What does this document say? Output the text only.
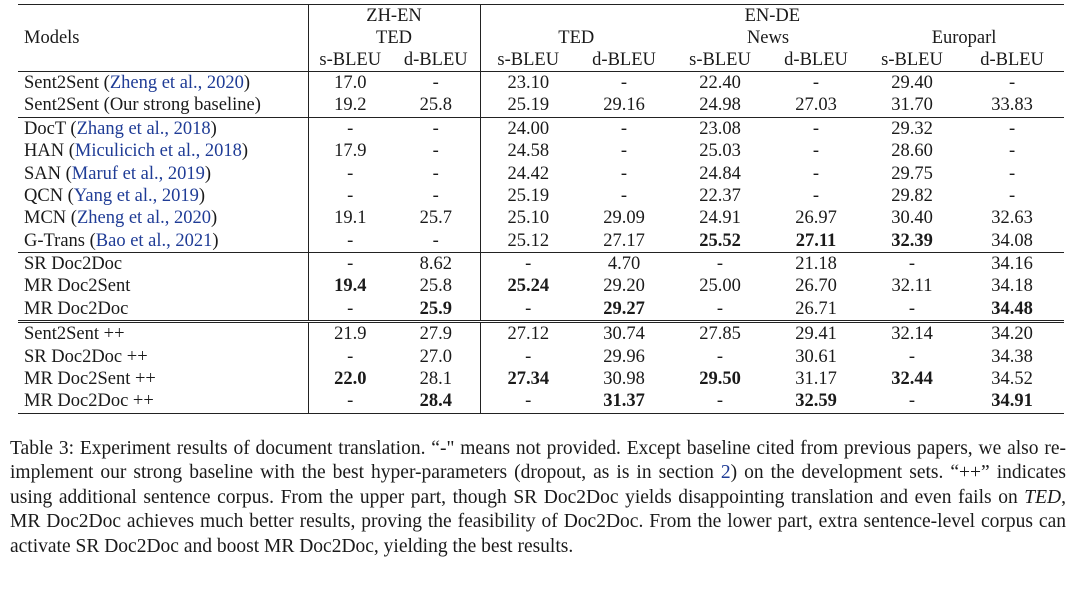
	ZH-EN		EN-DE					
Models	TED		TED		News		Europarl	
	s-BLEU	d-BLEU	s-BLEU	d-BLEU	s-BLEU	d-BLEU	s-BLEU	d-BLEU
Sent2Sent (Zheng et al., 2020)	17.0	-	23.10	-	22.40	-	29.40	-
Sent2Sent (Our strong baseline)	19.2	25.8	25.19	29.16	24.98	27.03	31.70	33.83
DocT (Zhang et al., 2018)	-	-	24.00	-	23.08	-	29.32	-
HAN (Miculicich et al., 2018)	17.9	-	24.58	-	25.03	-	28.60	-
SAN (Maruf et al., 2019)	-	-	24.42	-	24.84	-	29.75	-
QCN (Yang et al., 2019)	-	-	25.19	-	22.37	-	29.82	-
MCN (Zheng et al., 2020)	19.1	25.7	25.10	29.09	24.91	26.97	30.40	32.63
G-Trans (Bao et al., 2021)	-	-	25.12	27.17	25.52	27.11	32.39	34.08
SR Doc2Doc	-	8.62	-	4.70	-	21.18	-	34.16
MR Doc2Sent	19.4	25.8	25.24	29.20	25.00	26.70	32.11	34.18
MR Doc2Doc	-	25.9	-	29.27	-	26.71	-	34.48
Sent2Sent ++	21.9	27.9	27.12	30.74	27.85	29.41	32.14	34.20
SR Doc2Doc ++	-	27.0	-	29.96	-	30.61	-	34.38
MR Doc2Sent ++	22.0	28.1	27.34	30.98	29.50	31.17	32.44	34.52
MR Doc2Doc ++	-	28.4	-	31.37	-	32.59	-	34.91
Table 3: Experiment results of document translation. “-" means not provided. Except baseline cited from previous papers, we also re-implement our strong baseline with the best hyper-parameters (dropout, as is in section 2) on the development sets. “++” indicates using additional sentence corpus. From the upper part, though SR Doc2Doc yields disappointing translation and even fails on TED, MR Doc2Doc achieves much better results, proving the feasibility of Doc2Doc. From the lower part, extra sentence-level corpus can activate SR Doc2Doc and boost MR Doc2Doc, yielding the best results.
